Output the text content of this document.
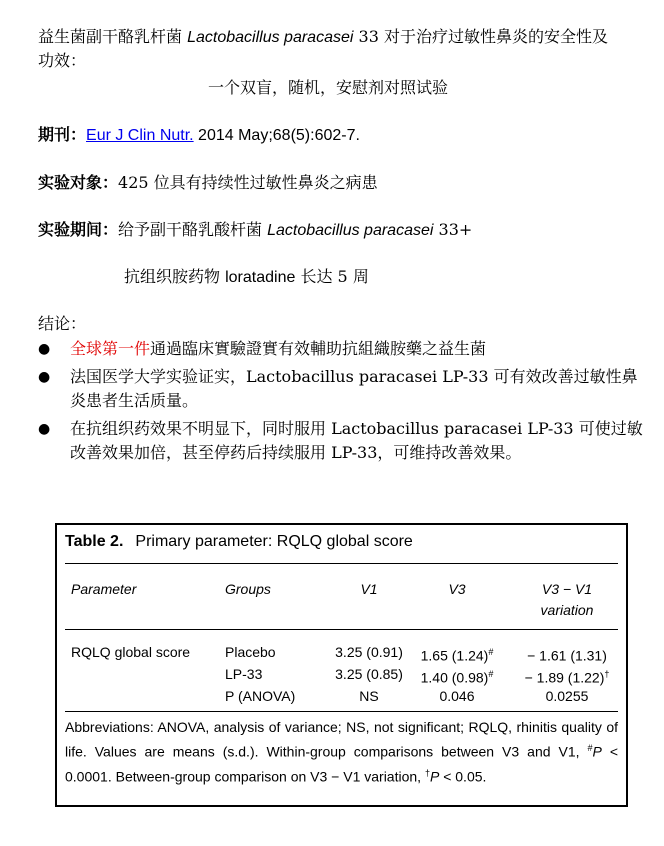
益生菌副干酪乳杆菌 Lactobacillus paracasei 33 对于治疗过敏性鼻炎的安全性及
功效：
一个双盲，随机，安慰剂对照试验
期刊：Eur J Clin Nutr. 2014 May;68(5):602-7.
实验对象：425 位具有持续性过敏性鼻炎之病患
实验期间：给予副干酪乳酸杆菌 Lactobacillus paracasei 33+
抗组织胺药物 loratadine 长达 5 周
结论：
● 全球第一件通過臨床實驗證實有效輔助抗組織胺藥之益生菌
● 法国医学大学实验证实，Lactobacillus paracasei LP-33 可有效改善过敏性鼻炎患者生活质量。
● 在抗组织药效果不明显下，同时服用 Lactobacillus paracasei LP-33 可使过敏改善效果加倍，甚至停药后持续服用 LP-33，可维持改善效果。
Table 2. Primary parameter: RQLQ global score
Parameter	Groups	V1	V3	V3 − V1
variation
RQLQ global score Placebo	3.25 (0.91)	1.65 (1.24)#	− 1.61 (1.31)
LP-33	3.25 (0.85)	1.40 (0.98)#	− 1.89 (1.22)†
P (ANOVA)	NS	0.046	0.0255
Abbreviations: ANOVA, analysis of variance; NS, not significant; RQLQ, rhinitis quality of life. Values are means (s.d.). Within-group comparisons between V3 and V1, #P < 0.0001. Between-group comparison on V3 − V1 variation, †P < 0.05.
